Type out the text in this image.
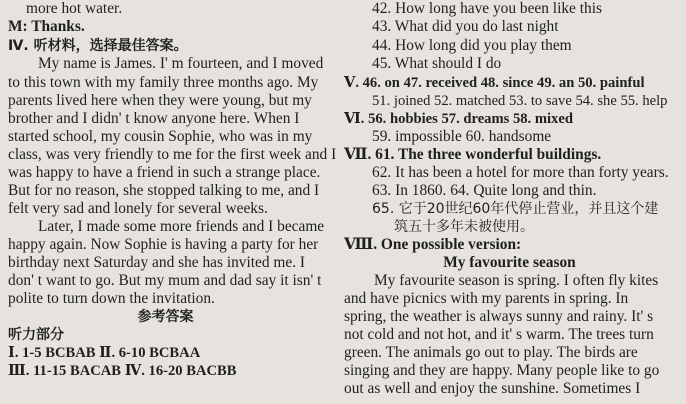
more hot water.
M: Thanks.
Ⅳ. 听材料，选择最佳答案。
My name is James. I' m fourteen, and I moved
to this town with my family three months ago. My
parents lived here when they were young, but my
brother and I didn' t know anyone here. When I
started school, my cousin Sophie, who was in my
class, was very friendly to me for the first week and I
was happy to have a friend in such a strange place.
But for no reason, she stopped talking to me, and I
felt very sad and lonely for several weeks.
Later, I made some more friends and I became
happy again. Now Sophie is having a party for her
birthday next Saturday and she has invited me. I
don' t want to go. But my mum and dad say it isn' t
polite to turn down the invitation.
参考答案
听力部分
Ⅰ. 1-5 BCBAB Ⅱ. 6-10 BCBAA
Ⅲ. 11-15 BACAB Ⅳ. 16-20 BACBB
42. How long have you been like this
43. What did you do last night
44. How long did you play them
45. What should I do
Ⅴ. 46. on 47. received 48. since 49. an 50. painful
51. joined 52. matched 53. to save 54. she 55. help
Ⅵ. 56. hobbies 57. dreams 58. mixed
59. impossible 60. handsome
Ⅶ. 61. The three wonderful buildings.
62. It has been a hotel for more than forty years.
63. In 1860. 64. Quite long and thin.
65. 它于20世纪60年代停止营业，并且这个建
筑五十多年未被使用。
Ⅷ. One possible version:
My favourite season
My favourite season is spring. I often fly kites
and have picnics with my parents in spring. In
spring, the weather is always sunny and rainy. It' s
not cold and not hot, and it' s warm. The trees turn
green. The animals go out to play. The birds are
singing and they are happy. Many people like to go
out as well and enjoy the sunshine. Sometimes I
